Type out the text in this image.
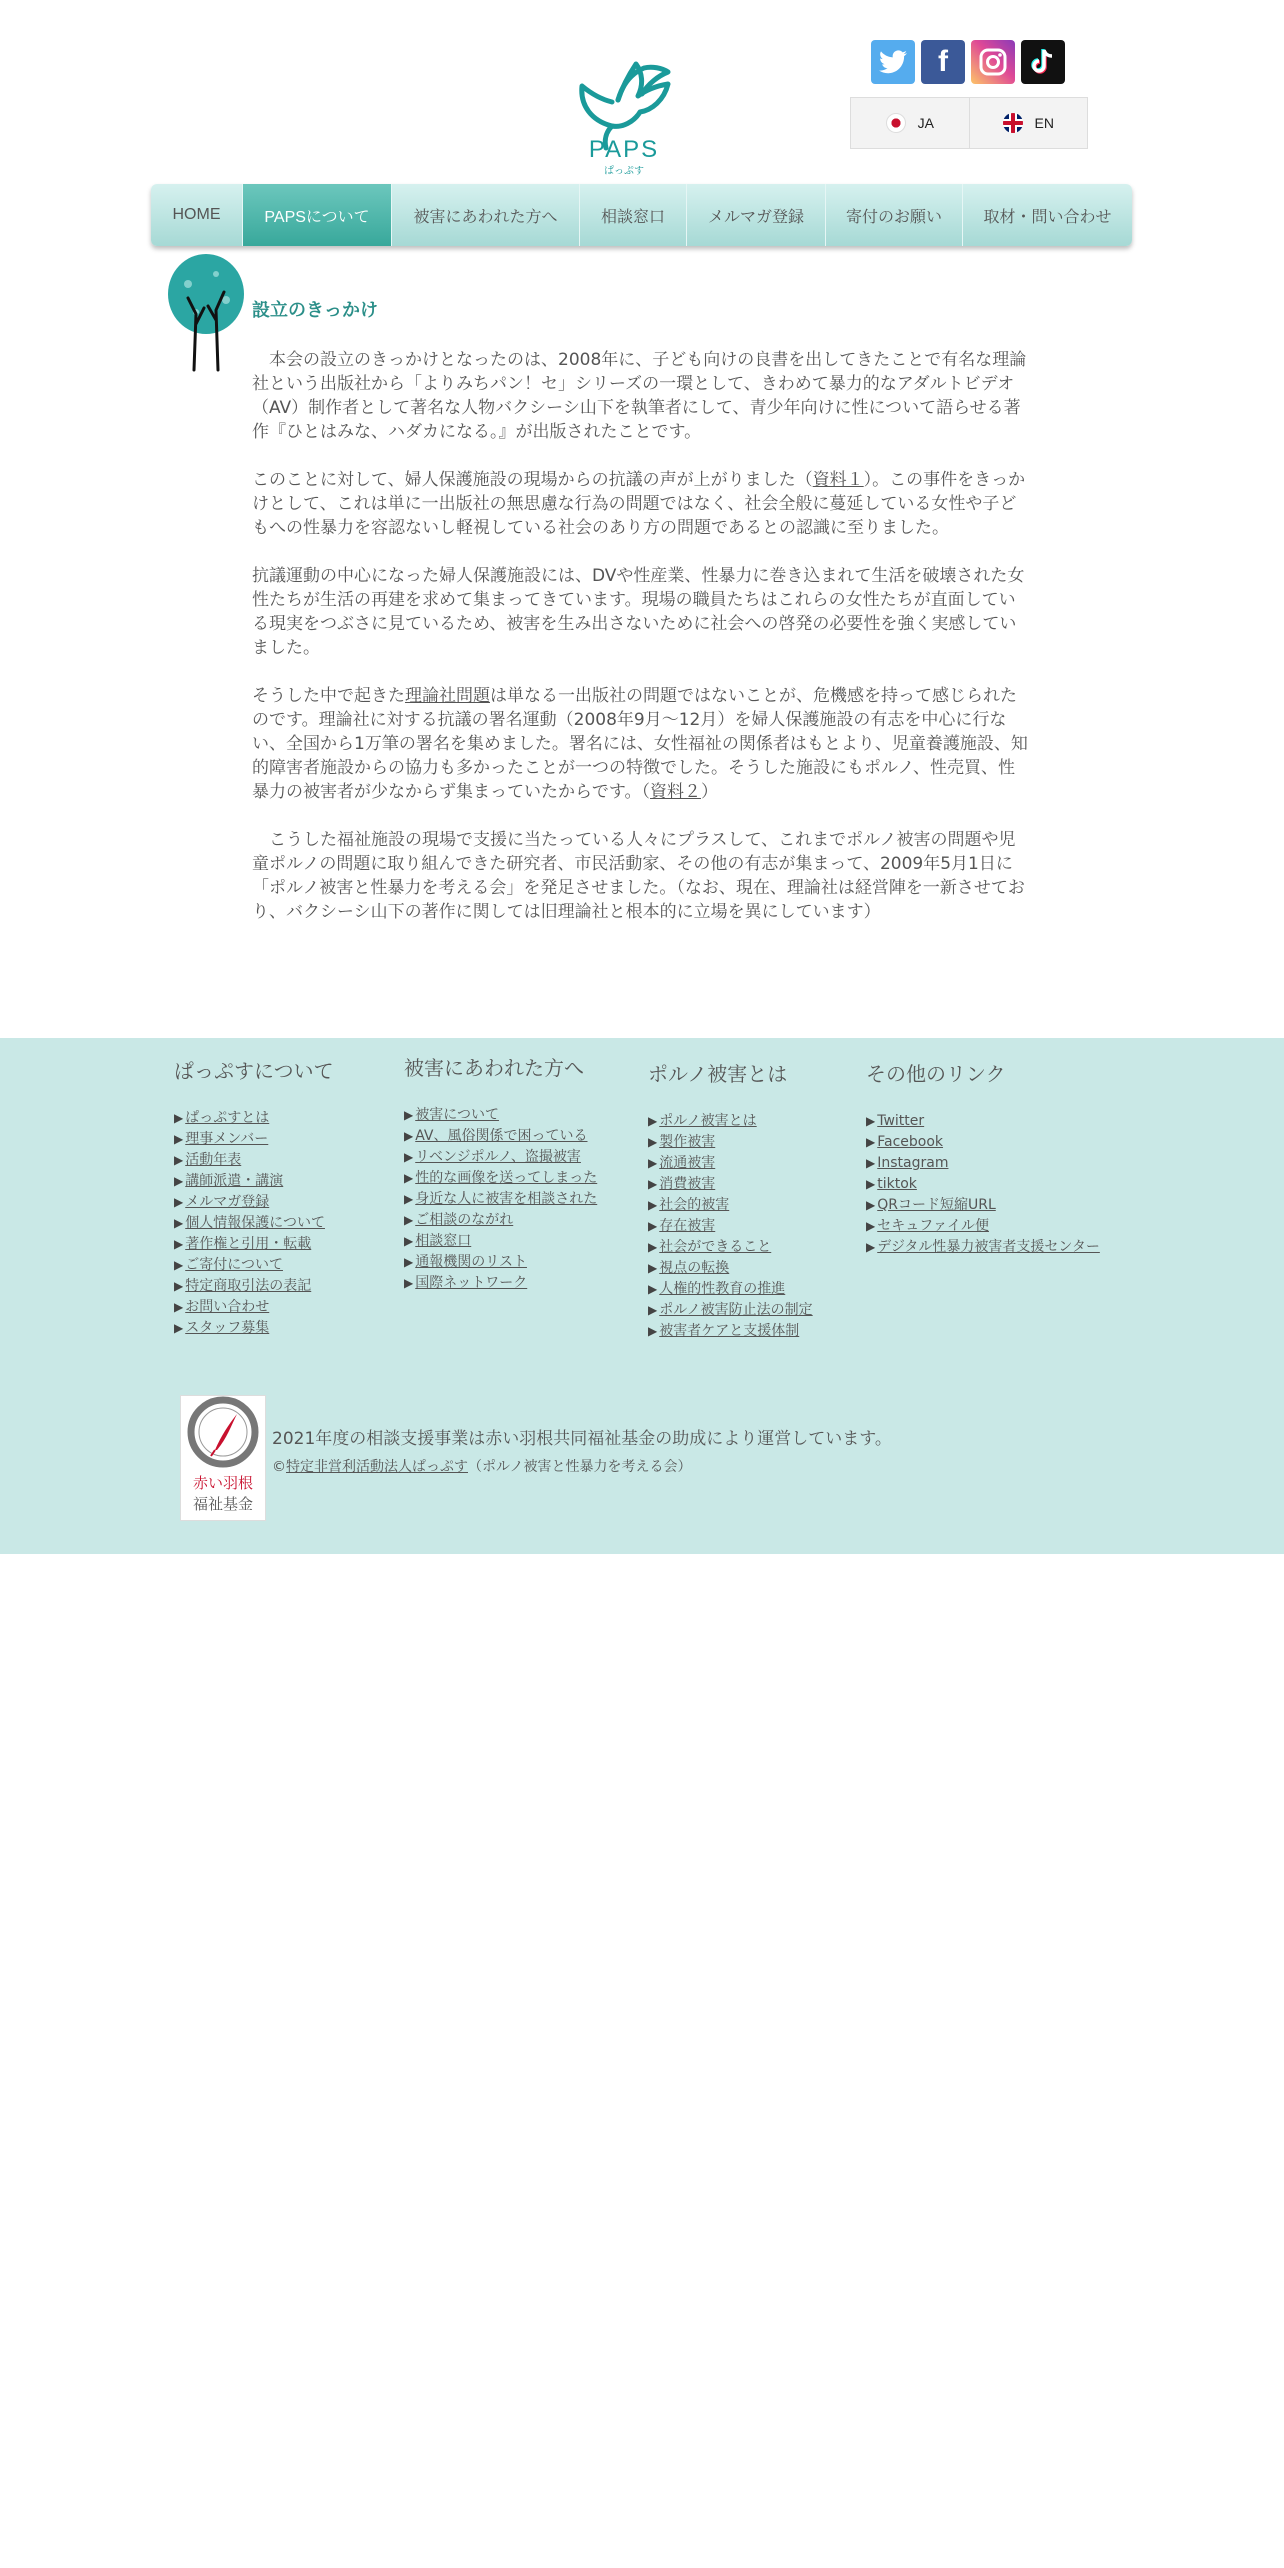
PAPS
ぱっぷす
f
JA	EN
HOME	PAPSについて	被害にあわれた方へ	相談窓口	メルマガ登録	寄付のお願い	取材・問い合わせ
設立のきっかけ

　本会の設立のきっかけとなったのは、2008年に、子ども向けの良書を出してきたことで有名な理論社という出版社から「よりみちパン！セ」シリーズの一環として、きわめて暴力的なアダルトビデオ（AV）制作者として著名な人物バクシーシ山下を執筆者にして、青少年向けに性について語らせる著作『ひとはみな、ハダカになる。』が出版されたことです。

このことに対して、婦人保護施設の現場からの抗議の声が上がりました（資料１）。この事件をきっかけとして、これは単に一出版社の無思慮な行為の問題ではなく、社会全般に蔓延している女性や子どもへの性暴力を容認ないし軽視している社会のあり方の問題であるとの認識に至りました。

抗議運動の中心になった婦人保護施設には、DVや性産業、性暴力に巻き込まれて生活を破壊された女性たちが生活の再建を求めて集まってきています。現場の職員たちはこれらの女性たちが直面している現実をつぶさに見ているため、被害を生み出さないために社会への啓発の必要性を強く実感していました。

そうした中で起きた理論社問題は単なる一出版社の問題ではないことが、危機感を持って感じられたのです。理論社に対する抗議の署名運動（2008年9月～12月）を婦人保護施設の有志を中心に行ない、全国から1万筆の署名を集めました。署名には、女性福祉の関係者はもとより、児童養護施設、知的障害者施設からの協力も多かったことが一つの特徴でした。そうした施設にもポルノ、性売買、性暴力の被害者が少なからず集まっていたからです。（資料２）

　こうした福祉施設の現場で支援に当たっている人々にプラスして、これまでポルノ被害の問題や児童ポルノの問題に取り組んできた研究者、市民活動家、その他の有志が集まって、2009年5月1日に「ポルノ被害と性暴力を考える会」を発足させました。（なお、現在、理論社は経営陣を一新させており、バクシーシ山下の著作に関しては旧理論社と根本的に立場を異にしています）

ぱっぷすについて
▶ ぱっぷすとは
▶ 理事メンバー
▶ 活動年表
▶ 講師派遣・講演
▶ メルマガ登録
▶ 個人情報保護について
▶ 著作権と引用・転載
▶ ご寄付について
▶ 特定商取引法の表記
▶ お問い合わせ
▶ スタッフ募集
被害にあわれた方へ
▶ 被害について
▶ AV、風俗関係で困っている
▶ リベンジポルノ、盗撮被害
▶ 性的な画像を送ってしまった
▶ 身近な人に被害を相談された
▶ ご相談のながれ
▶ 相談窓口
▶ 通報機関のリスト
▶ 国際ネットワーク
ポルノ被害とは
▶ ポルノ被害とは
▶ 製作被害
▶ 流通被害
▶ 消費被害
▶ 社会的被害
▶ 存在被害
▶ 社会ができること
▶ 視点の転換
▶ 人権的性教育の推進
▶ ポルノ被害防止法の制定
▶ 被害者ケアと支援体制
その他のリンク
▶ Twitter
▶ Facebook
▶ Instagram
▶ tiktok
▶ QRコード短縮URL
▶ セキュファイル便
▶ デジタル性暴力被害者支援センター
赤い羽根
福祉基金
2021年度の相談支援事業は赤い羽根共同福祉基金の助成により運営しています。
©特定非営利活動法人ぱっぷす（ポルノ被害と性暴力を考える会）
